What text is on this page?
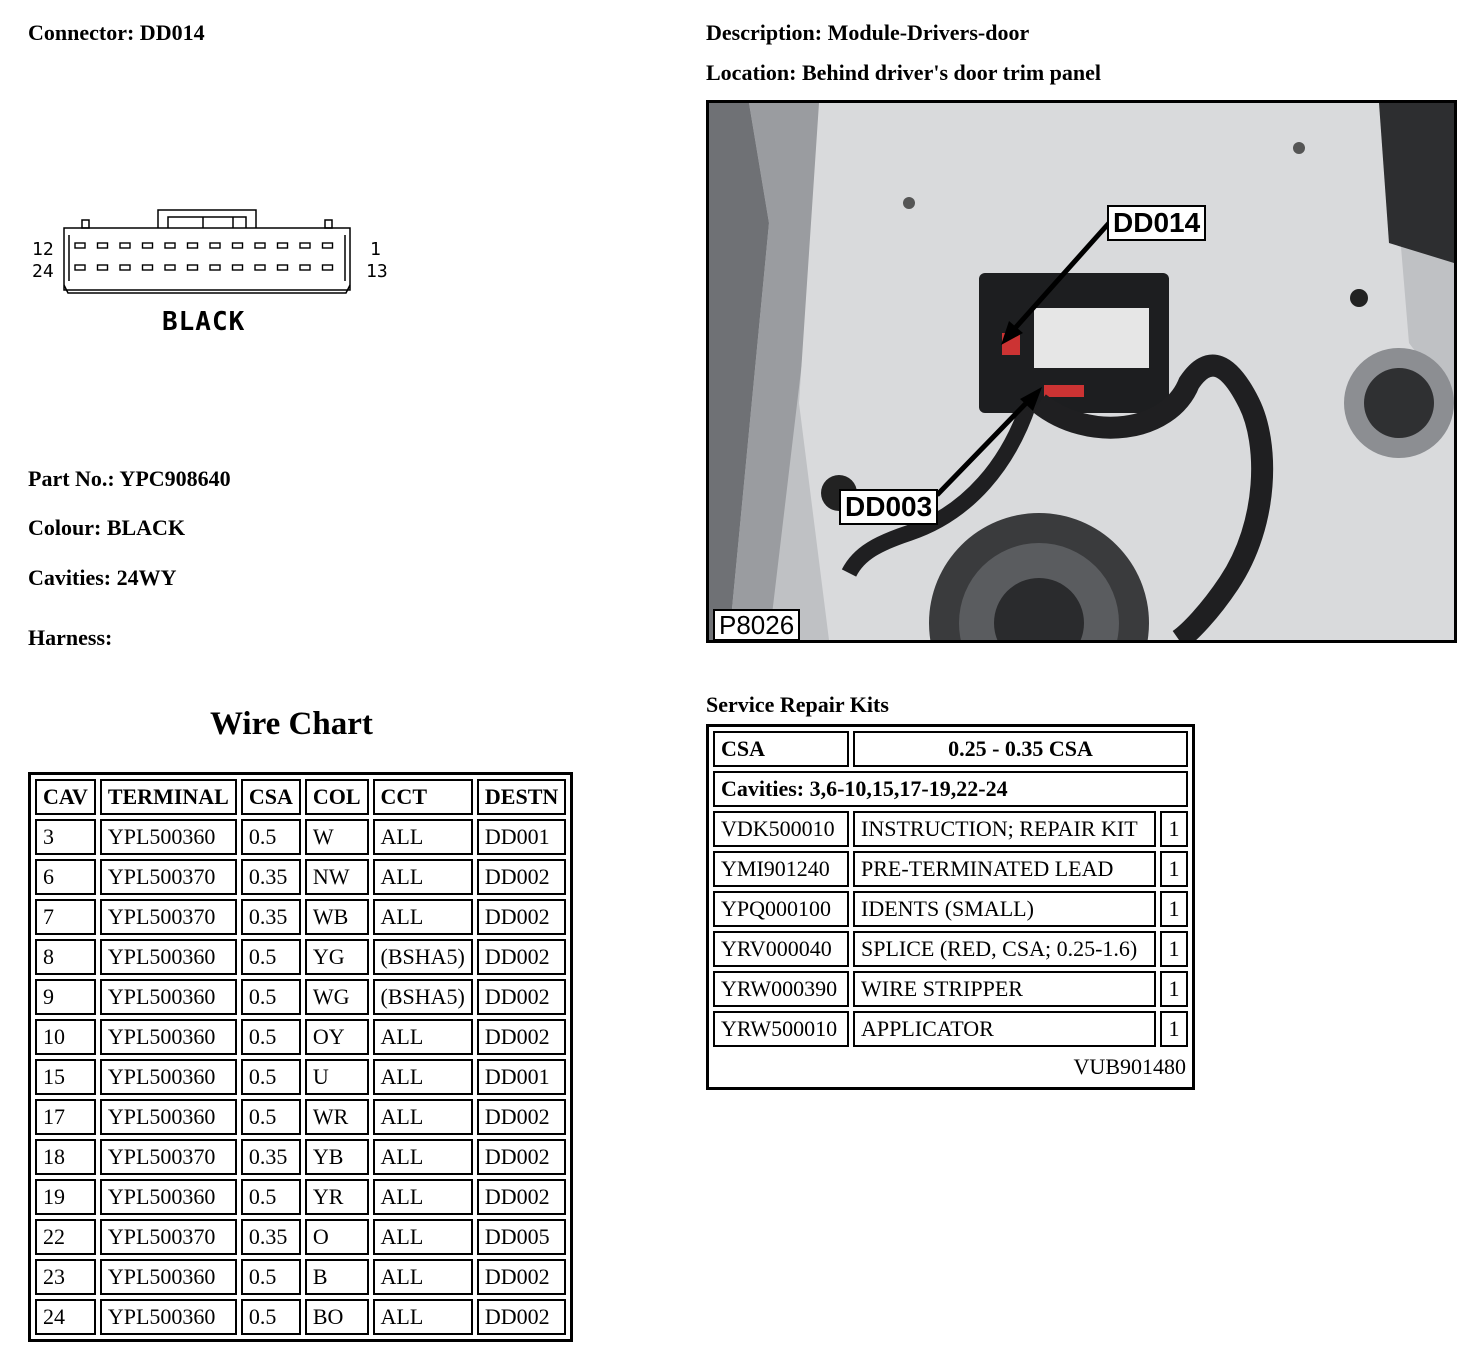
Connector: DD014	Description: Module-Drivers-door
Location: Behind driver's door trim panel
12
24
1
13
BLACK
Part No.: YPC908640
Colour: BLACK
Cavities: 24WY
Harness:
DD014
DD003
P8026
Wire Chart
CAV	TERMINAL	CSA	COL	CCT	DESTN
3	YPL500360	0.5	W	ALL	DD001
6	YPL500370	0.35	NW	ALL	DD002
7	YPL500370	0.35	WB	ALL	DD002
8	YPL500360	0.5	YG	(BSHA5)	DD002
9	YPL500360	0.5	WG	(BSHA5)	DD002
10	YPL500360	0.5	OY	ALL	DD002
15	YPL500360	0.5	U	ALL	DD001
17	YPL500360	0.5	WR	ALL	DD002
18	YPL500370	0.35	YB	ALL	DD002
19	YPL500360	0.5	YR	ALL	DD002
22	YPL500370	0.35	O	ALL	DD005
23	YPL500360	0.5	B	ALL	DD002
24	YPL500360	0.5	BO	ALL	DD002
Service Repair Kits
CSA	0.25 - 0.35 CSA	
Cavities: 3,6-10,15,17-19,22-24		
VDK500010	INSTRUCTION; REPAIR KIT	1
YMI901240	PRE-TERMINATED LEAD	1
YPQ000100	IDENTS (SMALL)	1
YRV000040	SPLICE (RED, CSA; 0.25-1.6)	1
YRW000390	WIRE STRIPPER	1
YRW500010	APPLICATOR	1
VUB901480		
